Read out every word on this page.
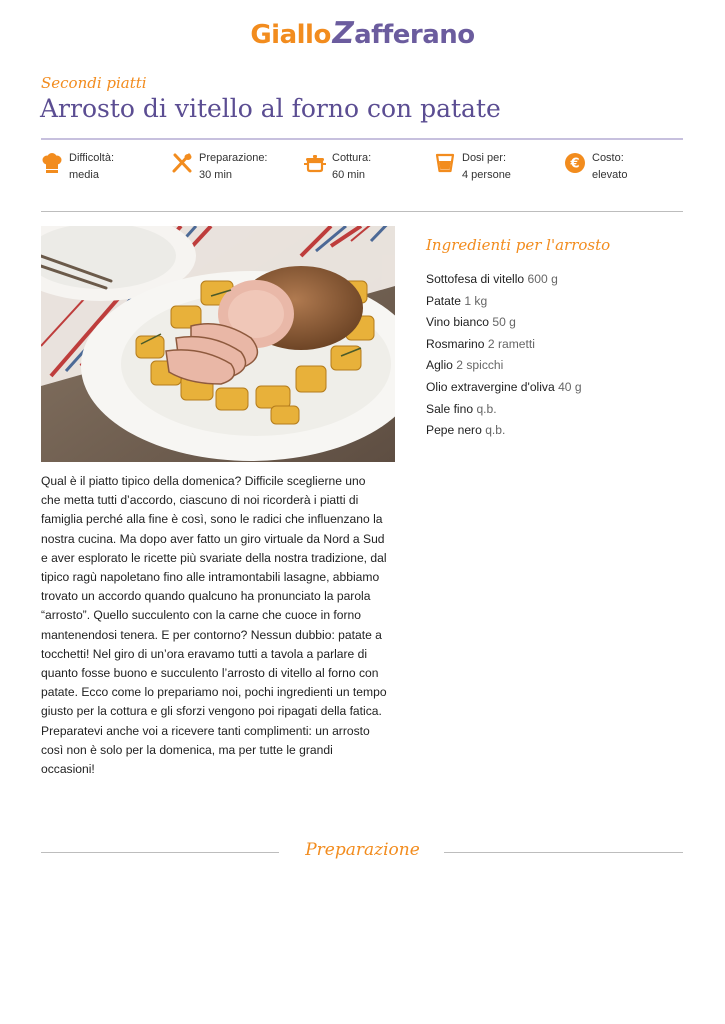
GialloZafferano
Secondi piatti
Arrosto di vitello al forno con patate
Difficoltà:
media
Preparazione:
30 min
Cottura:
60 min
Dosi per:
4 persone
€ Costo:
elevato

Qual è il piatto tipico della domenica? Difficile sceglierne uno che metta tutti d’accordo, ciascuno di noi ricorderà i piatti di famiglia perché alla fine è così, sono le radici che influenzano la nostra cucina. Ma dopo aver fatto un giro virtuale da Nord a Sud e aver esplorato le ricette più svariate della nostra tradizione, dal tipico ragù napoletano fino alle intramontabili lasagne, abbiamo trovato un accordo quando qualcuno ha pronunciato la parola “arrosto”. Quello succulento con la carne che cuoce in forno mantenendosi tenera. E per contorno? Nessun dubbio: patate a tocchetti! Nel giro di un’ora eravamo tutti a tavola a parlare di quanto fosse buono e succulento l’arrosto di vitello al forno con patate. Ecco come lo prepariamo noi, pochi ingredienti un tempo giusto per la cottura e gli sforzi vengono poi ripagati della fatica. Preparatevi anche voi a ricevere tanti complimenti: un arrosto così non è solo per la domenica, ma per tutte le grandi occasioni!

Ingredienti per l'arrosto
Sottofesa di vitello 600 g
Patate 1 kg
Vino bianco 50 g
Rosmarino 2 rametti
Aglio 2 spicchi
Olio extravergine d'oliva 40 g
Sale fino q.b.
Pepe nero q.b.
Preparazione
